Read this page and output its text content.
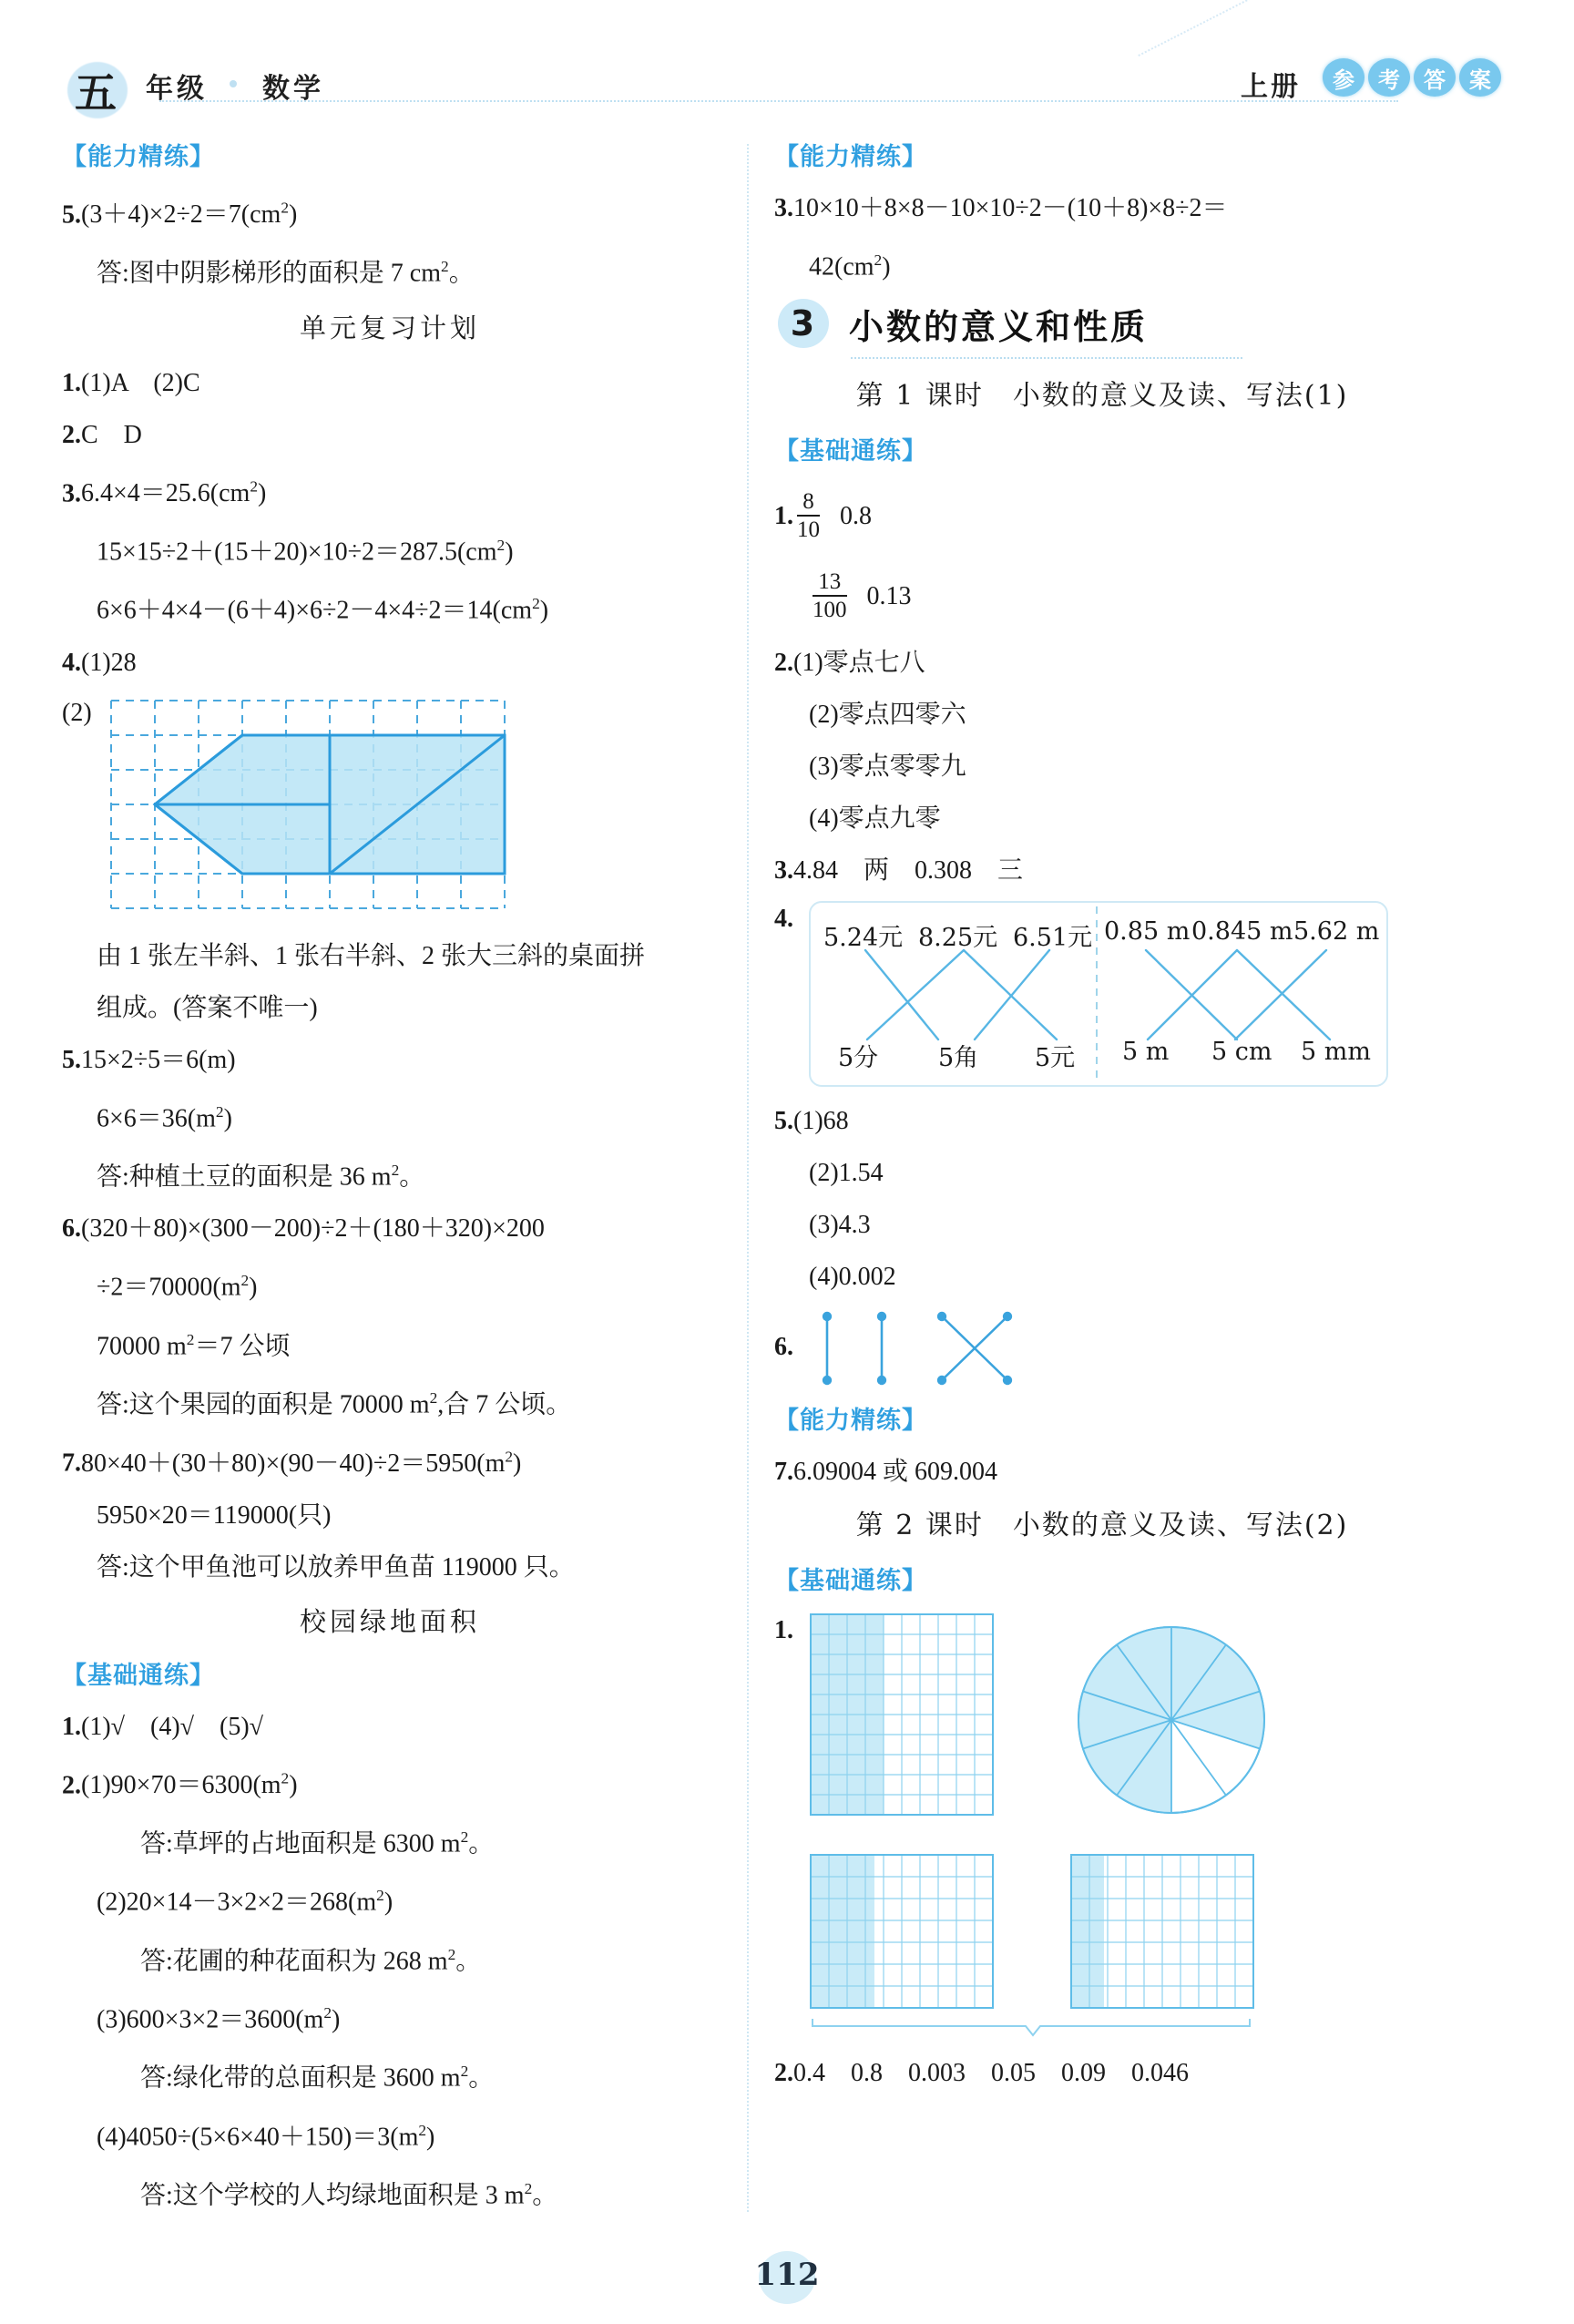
五 年级 数学	上册	参	考	答	案
【能力精练】
$5.(3+4)\times 2\div 2=7(cm^2)$
答:图中阴影梯形的面积是 7 $cm^2$。
单元复习计划
1.(1)A　(2)C
2.C　D
$3.6.4\times 4=25.6(cm^2)$
$15\times 15\div 2+(15+20)\times 10\div 2=287.5(cm^2)$
$6\times 6+4\times 4-(6+4)\times 6\div 2-4\times 4\div 2=14(cm^2)$
4.(1)28
(2)
由 1 张左半斜、1 张右半斜、2 张大三斜的桌面拼
组成。(答案不唯一)
5.15×2÷5＝6(m)
$6\times 6=36(m^2)$
答:种植土豆的面积是 36 $m^2$。
6.(320＋80)×(300－200)÷2＋(180＋320)×200
$\div 2=70000(m^2)$
70000 $m^2=7$ 公顷
答:这个果园的面积是 70000 $m^2$,合 7 公顷。
$7.80\times 40+(30+80)\times(90-40)\div 2=5950(m^2)$
5950×20＝119000(只)
答:这个甲鱼池可以放养甲鱼苗 119000 只。
校园绿地面积
【基础通练】
1.(1)√　(4)√　(5)√
$2.(1)90\times 70=6300(m^2)$
答:草坪的占地面积是 6300 $m^2$。
$(2)20\times 14-3\times 2\times 2=268(m^2)$
答:花圃的种花面积为 268 $m^2$。
$(3)600\times 3\times 2=3600(m^2)$
答:绿化带的总面积是 3600 $m^2$。
$(4)4050\div(5\times 6\times 40+150)=3(m^2)$
答:这个学校的人均绿地面积是 3 $m^2$。
【能力精练】
3.10×10＋8×8－10×10÷2－(10＋8)×8÷2＝
$42(cm^2)$
3 小数的意义和性质
第 1 课时　小数的意义及读、写法(1)
【基础通练】
1. $\frac{8}{10} 0.8$
$\frac{13}{100} 0.13$
2.(1)零点七八
(2)零点四零六
(3)零点零零九
(4)零点九零
3.4.84　两　0.308　三
4.
5.24元 8.25元 6.51元
5分 5角 5元
0.85 m 0.845 m 5.62 m
5 m 5 cm 5 mm
5.(1)68
(2)1.54
(3)4.3
(4)0.002
6.
【能力精练】
7.6.09004 或 609.004
第 2 课时　小数的意义及读、写法(2)
【基础通练】
1.
2.0.4　0.8　0.003　0.05　0.09　0.046
112
